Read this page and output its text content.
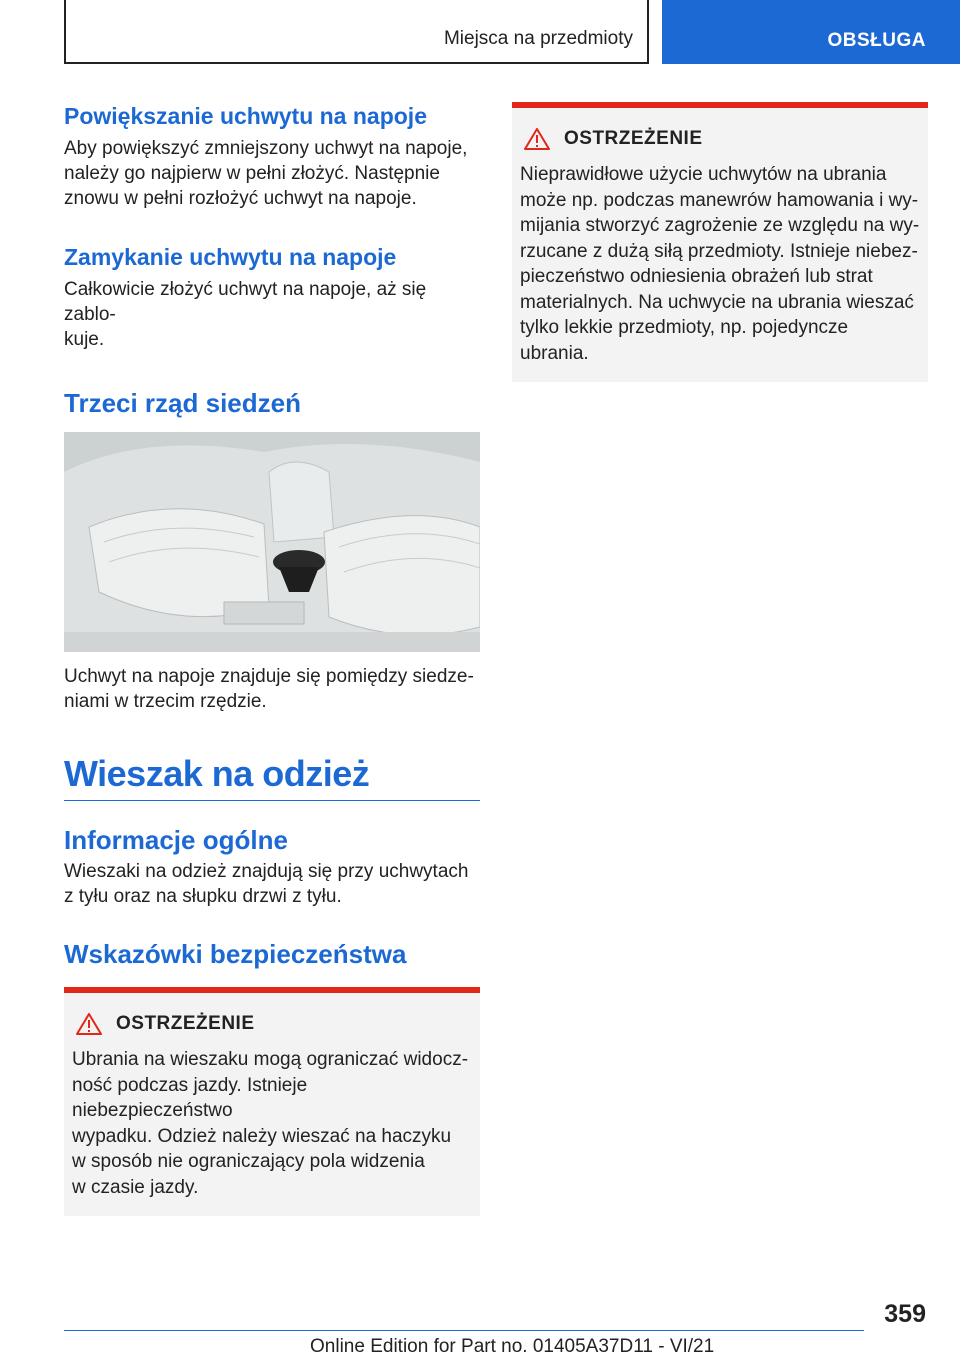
Miejsca na przedmioty	OBSŁUGA
Powiększanie uchwytu na napoje

Aby powiększyć zmniejszony uchwyt na napoje,
należy go najpierw w pełni złożyć. Następnie
znowu w pełni rozłożyć uchwyt na napoje.

Zamykanie uchwytu na napoje

Całkowicie złożyć uchwyt na napoje, aż się zablo-
kuje.

Trzeci rząd siedzeń

Uchwyt na napoje znajduje się pomiędzy siedze-
niami w trzecim rzędzie.

Wieszak na odzież
Informacje ogólne

Wieszaki na odzież znajdują się przy uchwytach
z tyłu oraz na słupku drzwi z tyłu.

Wskazówki bezpieczeństwa
OSTRZEŻENIE
Ubrania na wieszaku mogą ograniczać widocz-
ność podczas jazdy. Istnieje niebezpieczeństwo
wypadku. Odzież należy wieszać na haczyku
w sposób nie ograniczający pola widzenia
w czasie jazdy.
OSTRZEŻENIE
Nieprawidłowe użycie uchwytów na ubrania
może np. podczas manewrów hamowania i wy-
mijania stworzyć zagrożenie ze względu na wy-
rzucane z dużą siłą przedmioty. Istnieje niebez-
pieczeństwo odniesienia obrażeń lub strat
materialnych. Na uchwycie na ubrania wieszać
tylko lekkie przedmioty, np. pojedyncze ubrania.
359
Online Edition for Part no. 01405A37D11 - VI/21
